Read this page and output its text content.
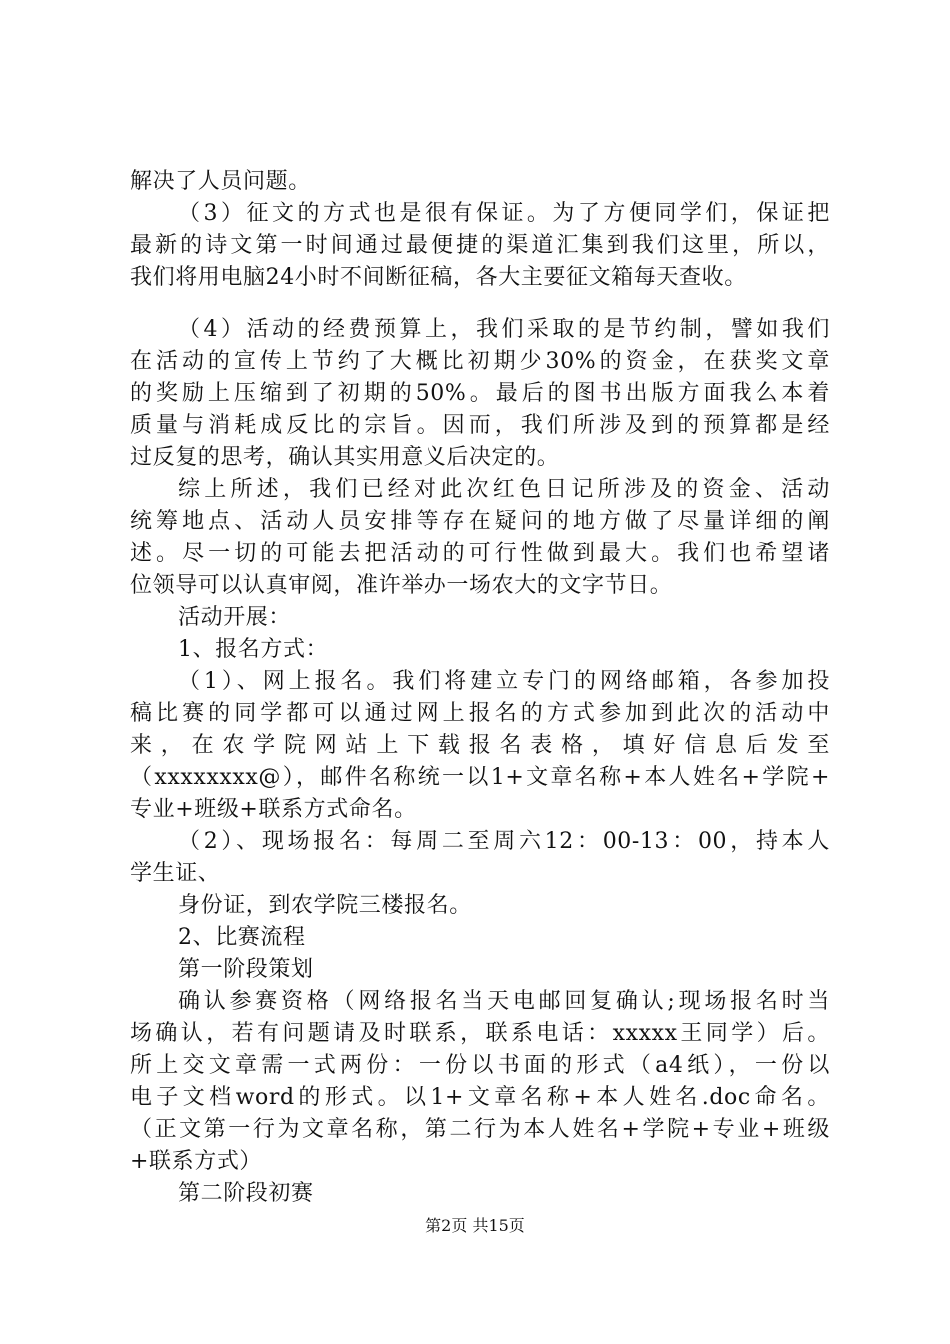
解决了人员问题。
（3）征文的方式也是很有保证。为了方便同学们，保证把
最新的诗文第一时间通过最便捷的渠道汇集到我们这里，所以，
我们将用电脑24小时不间断征稿，各大主要征文箱每天查收。
（4）活动的经费预算上，我们采取的是节约制，譬如我们
在活动的宣传上节约了大概比初期少30%的资金，在获奖文章
的奖励上压缩到了初期的50%。最后的图书出版方面我么本着
质量与消耗成反比的宗旨。因而，我们所涉及到的预算都是经
过反复的思考，确认其实用意义后决定的。
综上所述，我们已经对此次红色日记所涉及的资金、活动
统筹地点、活动人员安排等存在疑问的地方做了尽量详细的阐
述。尽一切的可能去把活动的可行性做到最大。我们也希望诸
位领导可以认真审阅，准许举办一场农大的文字节日。
活动开展：
1、报名方式：
（1）、网上报名。我们将建立专门的网络邮箱，各参加投
稿比赛的同学都可以通过网上报名的方式参加到此次的活动中
来，在农学院网站上下载报名表格，填好信息后发至
（xxxxxxxx@），邮件名称统一以1+文章名称+本人姓名+学院+
专业+班级+联系方式命名。
（2）、现场报名：每周二至周六12：00-13：00，持本人
学生证、
身份证，到农学院三楼报名。
2、比赛流程
第一阶段策划
确认参赛资格（网络报名当天电邮回复确认;现场报名时当
场确认，若有问题请及时联系，联系电话：xxxxx王同学）后。
所上交文章需一式两份：一份以书面的形式（a4纸），一份以
电子文档word的形式。以1+文章名称+本人姓名.doc命名。
（正文第一行为文章名称，第二行为本人姓名+学院+专业+班级
+联系方式）
第二阶段初赛
第2页 共15页
